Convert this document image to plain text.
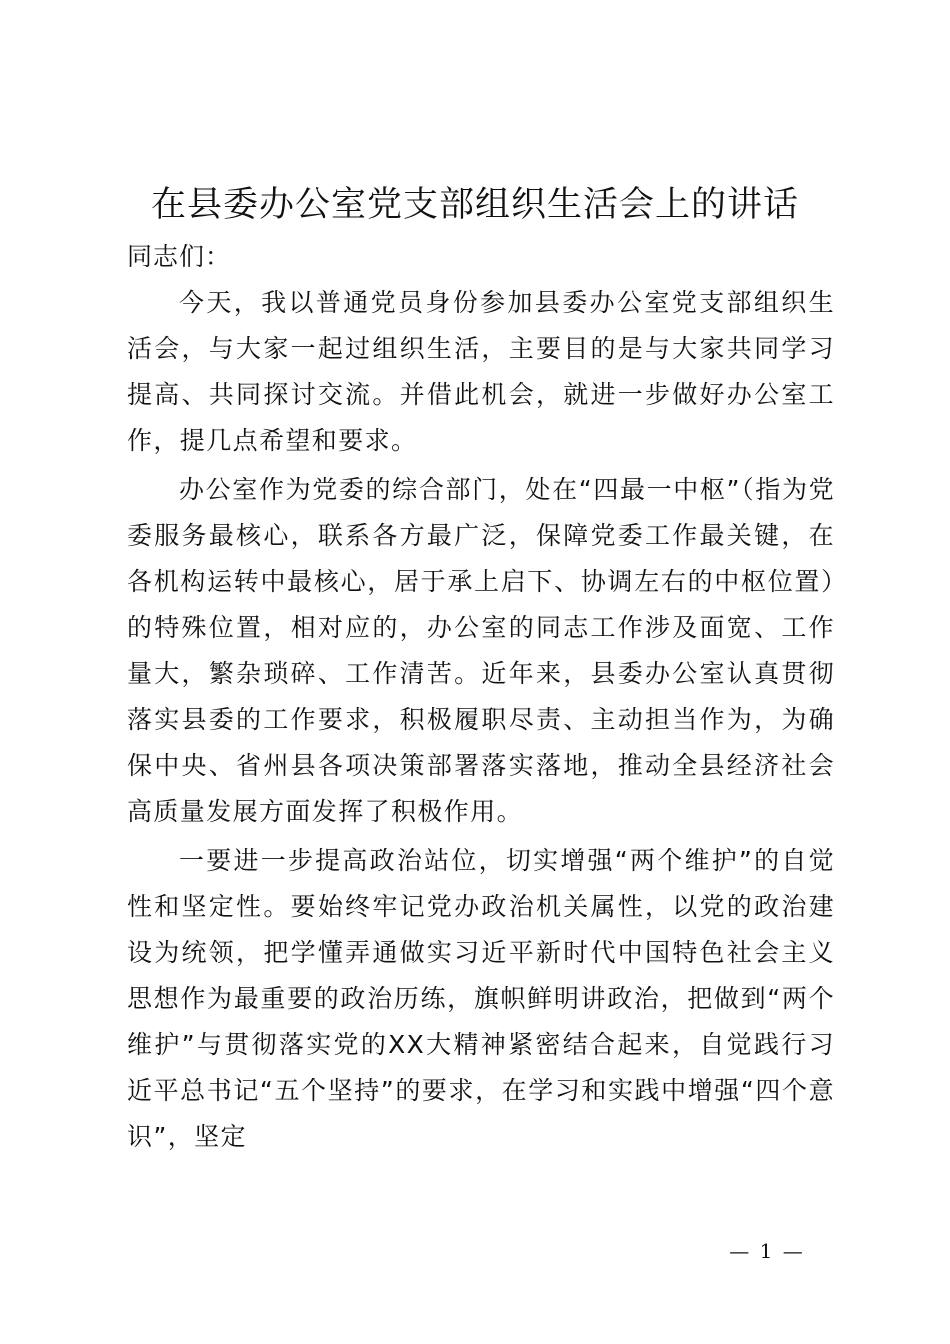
在县委办公室党支部组织生活会上的讲话
同志们：

今天，我以普通党员身份参加县委办公室党支部组织生活会，与大家一起过组织生活，主要目的是与大家共同学习提高、共同探讨交流。并借此机会，就进一步做好办公室工作，提几点希望和要求。

办公室作为党委的综合部门，处在“四最一中枢”（指为党委服务最核心，联系各方最广泛，保障党委工作最关键，在各机构运转中最核心，居于承上启下、协调左右的中枢位置）的特殊位置，相对应的，办公室的同志工作涉及面宽、工作量大，繁杂琐碎、工作清苦。近年来，县委办公室认真贯彻落实县委的工作要求，积极履职尽责、主动担当作为，为确保中央、省州县各项决策部署落实落地，推动全县经济社会高质量发展方面发挥了积极作用。

一要进一步提高政治站位，切实增强“两个维护”的自觉性和坚定性。要始终牢记党办政治机关属性，以党的政治建设为统领，把学懂弄通做实习近平新时代中国特色社会主义思想作为最重要的政治历练，旗帜鲜明讲政治，把做到“两个维护”与贯彻落实党的XX大精神紧密结合起来，自觉践行习近平总书记“五个坚持”的要求，在学习和实践中增强“四个意识”，坚定

— 1 —
